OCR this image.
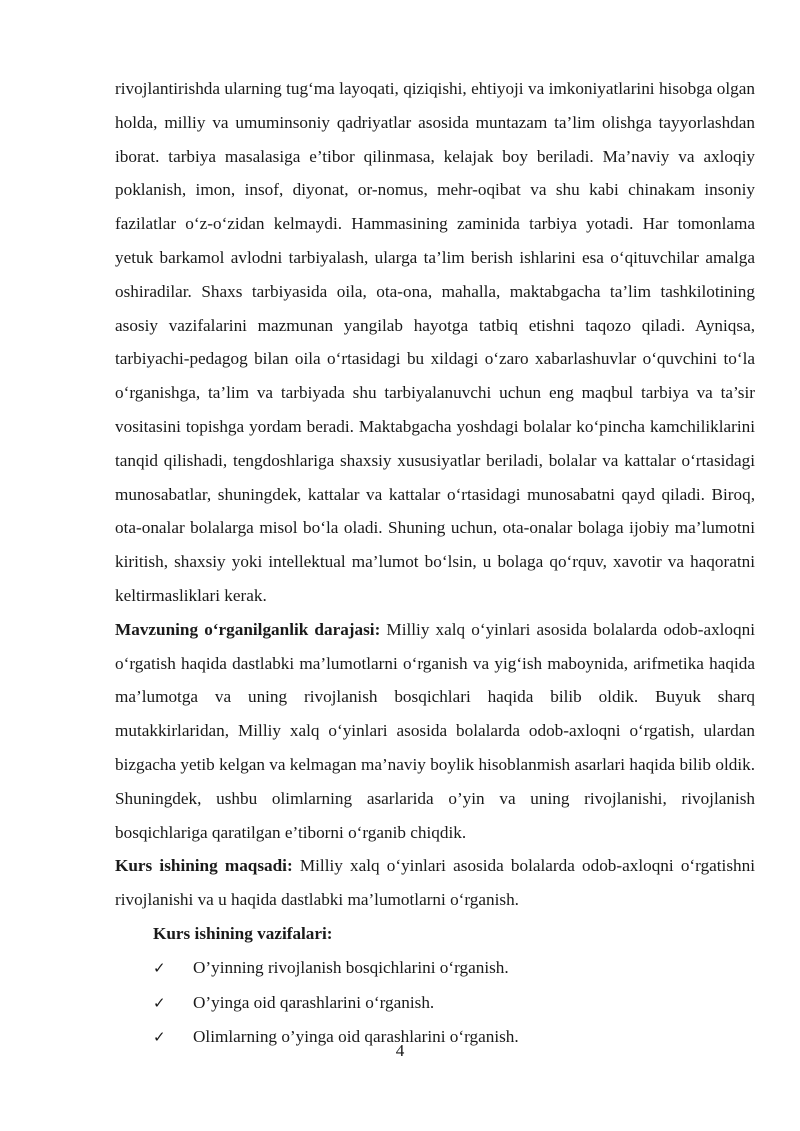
rivojlantirishda ularning tug‘ma layoqati, qiziqishi, ehtiyoji va imkoniyatlarini hisobga olgan holda, milliy va umuminsoniy qadriyatlar asosida muntazam ta’lim olishga tayyorlashdan iborat. tarbiya masalasiga e’tibor qilinmasa, kelajak boy beriladi. Ma’naviy va axloqiy poklanish, imon, insof, diyonat, or-nomus, mehr-oqibat va shu kabi chinakam insoniy fazilatlar o‘z-o‘zidan kelmaydi. Hammasining zaminida tarbiya yotadi. Har tomonlama yetuk barkamol avlodni tarbiyalash, ularga ta’lim berish ishlarini esa o‘qituvchilar amalga oshiradilar. Shaxs tarbiyasida oila, ota-ona, mahalla, maktabgacha ta’lim tashkilotining asosiy vazifalarini mazmunan yangilab hayotga tatbiq etishni taqozo qiladi. Ayniqsa, tarbiyachi-pedagog bilan oila o‘rtasidagi bu xildagi o‘zaro xabarlashuvlar o‘quvchini to‘la o‘rganishga, ta’lim va tarbiyada shu tarbiyalanuvchi uchun eng maqbul tarbiya va ta’sir vositasini topishga yordam beradi. Maktabgacha yoshdagi bolalar ko‘pincha kamchiliklarini tanqid qilishadi, tengdoshlariga shaxsiy xususiyatlar beriladi, bolalar va kattalar o‘rtasidagi munosabatlar, shuningdek, kattalar va kattalar o‘rtasidagi munosabatni qayd qiladi. Biroq, ota-onalar bolalarga misol bo‘la oladi. Shuning uchun, ota-onalar bolaga ijobiy ma’lumotni kiritish, shaxsiy yoki intellektual ma’lumot bo‘lsin, u bolaga qo‘rquv, xavotir va haqoratni keltirmasliklari kerak.

Mavzuning o‘rganilganlik darajasi: Milliy xalq o‘yinlari asosida bolalarda odob-axloqni o‘rgatish haqida dastlabki ma’lumotlarni o‘rganish va yig‘ish maboynida, arifmetika haqida ma’lumotga va uning rivojlanish bosqichlari haqida bilib oldik. Buyuk sharq mutakkirlaridan, Milliy xalq o‘yinlari asosida bolalarda odob-axloqni o‘rgatish, ulardan bizgacha yetib kelgan va kelmagan ma’naviy boylik hisoblanmish asarlari haqida bilib oldik. Shuningdek, ushbu olimlarning asarlarida o’yin va uning rivojlanishi, rivojlanish bosqichlariga qaratilgan e’tiborni o‘rganib chiqdik.

Kurs ishining maqsadi: Milliy xalq o‘yinlari asosida bolalarda odob-axloqni o‘rgatishni rivojlanishi va u haqida dastlabki ma’lumotlarni o‘rganish.

Kurs ishining vazifalari:

✓	O’yinning rivojlanish bosqichlarini o‘rganish.
✓	O’yinga oid qarashlarini o‘rganish.
✓	Olimlarning o’yinga oid qarashlarini o‘rganish.
4
